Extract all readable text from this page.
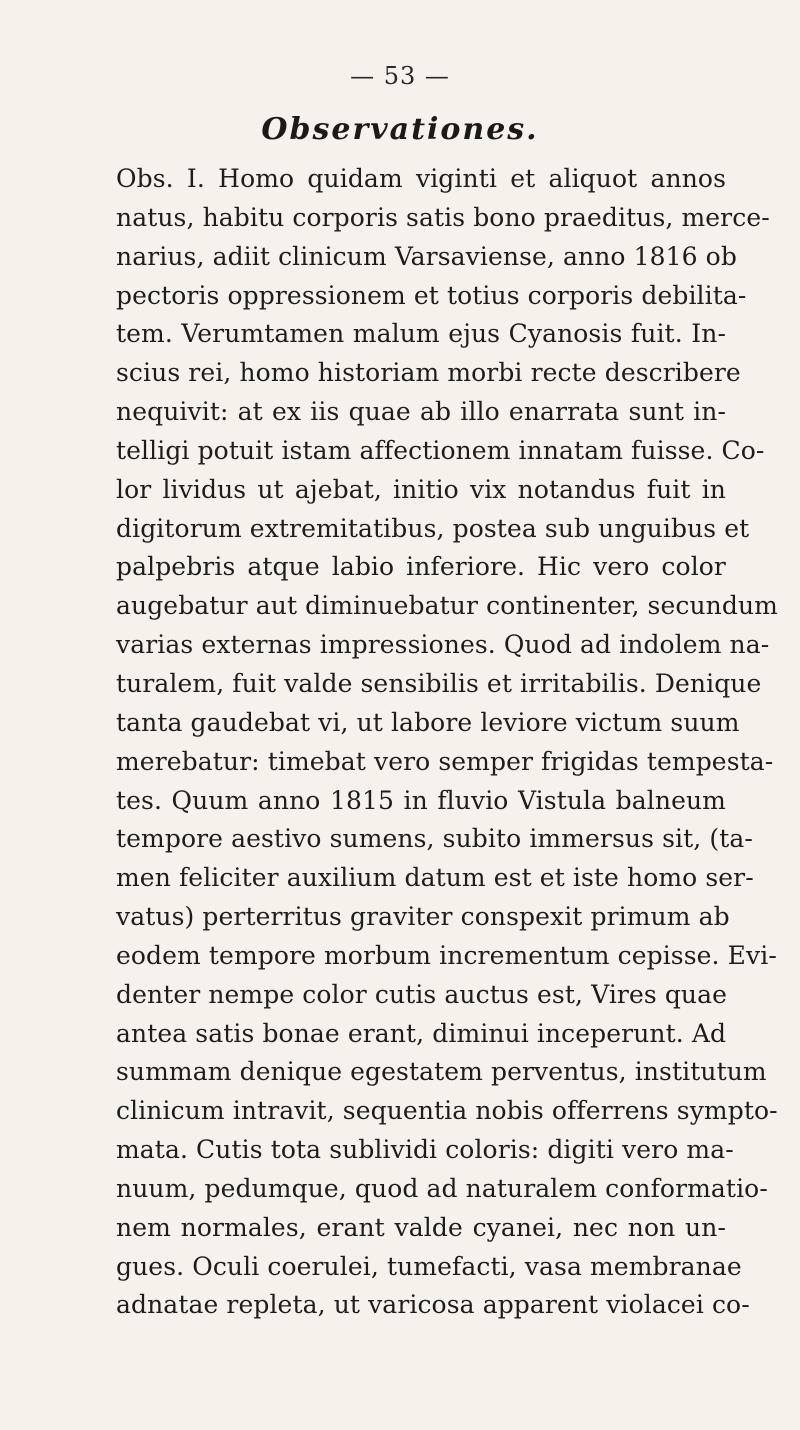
— 53 —
Observationes.
Obs. I. Homo quidam viginti et aliquot annos
natus, habitu corporis satis bono praeditus, merce-
narius, adiit clinicum Varsaviense, anno 1816 ob
pectoris oppressionem et totius corporis debilita-
tem. Verumtamen malum ejus Cyanosis fuit. In-
scius rei, homo historiam morbi recte describere
nequivit: at ex iis quae ab illo enarrata sunt in-
telligi potuit istam affectionem innatam fuisse. Co-
lor lividus ut ajebat, initio vix notandus fuit in
digitorum extremitatibus, postea sub unguibus et
palpebris atque labio inferiore. Hic vero color
augebatur aut diminuebatur continenter, secundum
varias externas impressiones. Quod ad indolem na-
turalem, fuit valde sensibilis et irritabilis. Denique
tanta gaudebat vi, ut labore leviore victum suum
merebatur: timebat vero semper frigidas tempesta-
tes. Quum anno 1815 in fluvio Vistula balneum
tempore aestivo sumens, subito immersus sit, (ta-
men feliciter auxilium datum est et iste homo ser-
vatus) perterritus graviter conspexit primum ab
eodem tempore morbum incrementum cepisse. Evi-
denter nempe color cutis auctus est, Vires quae
antea satis bonae erant, diminui inceperunt. Ad
summam denique egestatem perventus, institutum
clinicum intravit, sequentia nobis offerrens sympto-
mata. Cutis tota sublividi coloris: digiti vero ma-
nuum, pedumque, quod ad naturalem conformatio-
nem normales, erant valde cyanei, nec non un-
gues. Oculi coerulei, tumefacti, vasa membranae
adnatae repleta, ut varicosa apparent violacei co-
